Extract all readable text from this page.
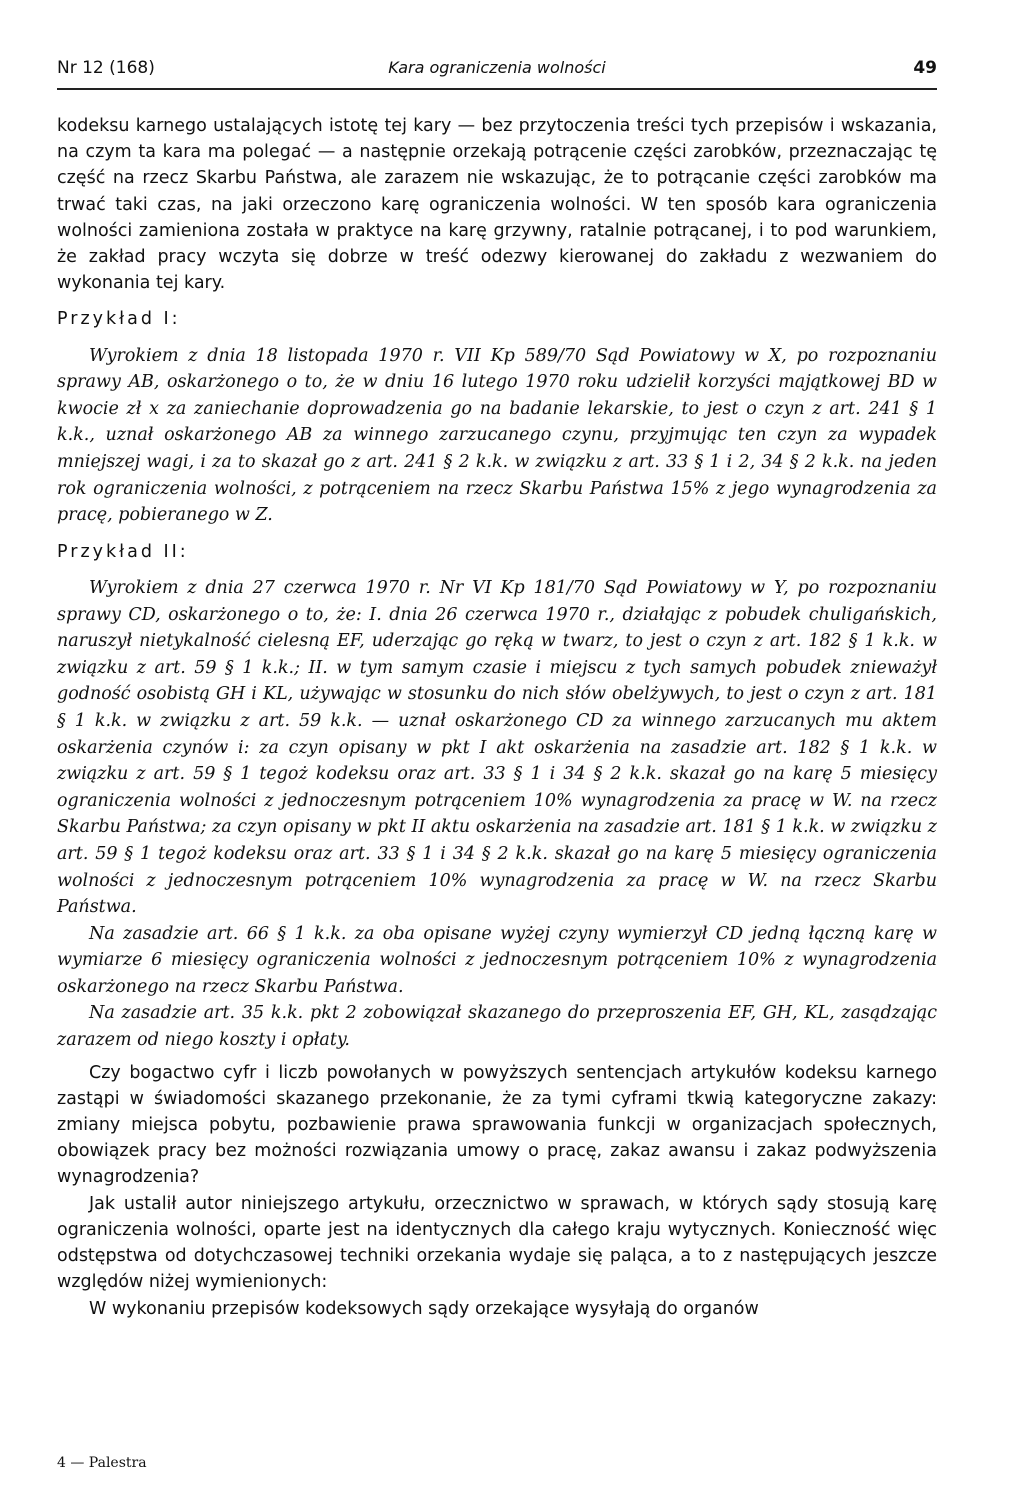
Nr 12 (168)	Kara ograniczenia wolności	49

kodeksu karnego ustalających istotę tej kary — bez przytoczenia treści tych przepisów i wskazania, na czym ta kara ma polegać — a następnie orzekają potrącenie części zarobków, przeznaczając tę część na rzecz Skarbu Państwa, ale zarazem nie wskazując, że to potrącanie części zarobków ma trwać taki czas, na jaki orzeczono karę ograniczenia wolności. W ten sposób kara ograniczenia wolności zamieniona została w praktyce na karę grzywny, ratalnie potrącanej, i to pod warunkiem, że zakład pracy wczyta się dobrze w treść odezwy kierowanej do zakładu z wezwaniem do wykonania tej kary.

Przykład I:

Wyrokiem z dnia 18 listopada 1970 r. VII Kp 589/70 Sąd Powiatowy w X, po rozpoznaniu sprawy AB, oskarżonego o to, że w dniu 16 lutego 1970 roku udzielił korzyści majątkowej BD w kwocie zł x za zaniechanie doprowadzenia go na badanie lekarskie, to jest o czyn z art. 241 § 1 k.k., uznał oskarżonego AB za winnego zarzucanego czynu, przyjmując ten czyn za wypadek mniejszej wagi, i za to skazał go z art. 241 § 2 k.k. w związku z art. 33 § 1 i 2, 34 § 2 k.k. na jeden rok ograniczenia wolności, z potrąceniem na rzecz Skarbu Państwa 15% z jego wynagrodzenia za pracę, pobieranego w Z.

Przykład II:

Wyrokiem z dnia 27 czerwca 1970 r. Nr VI Kp 181/70 Sąd Powiatowy w Y, po rozpoznaniu sprawy CD, oskarżonego o to, że: I. dnia 26 czerwca 1970 r., działając z pobudek chuligańskich, naruszył nietykalność cielesną EF, uderzając go ręką w twarz, to jest o czyn z art. 182 § 1 k.k. w związku z art. 59 § 1 k.k.; II. w tym samym czasie i miejscu z tych samych pobudek znieważył godność osobistą GH i KL, używając w stosunku do nich słów obelżywych, to jest o czyn z art. 181 § 1 k.k. w związku z art. 59 k.k. — uznał oskarżonego CD za winnego zarzucanych mu aktem oskarżenia czynów i: za czyn opisany w pkt I akt oskarżenia na zasadzie art. 182 § 1 k.k. w związku z art. 59 § 1 tegoż kodeksu oraz art. 33 § 1 i 34 § 2 k.k. skazał go na karę 5 miesięcy ograniczenia wolności z jednoczesnym potrąceniem 10% wynagrodzenia za pracę w W. na rzecz Skarbu Państwa; za czyn opisany w pkt II aktu oskarżenia na zasadzie art. 181 § 1 k.k. w związku z art. 59 § 1 tegoż kodeksu oraz art. 33 § 1 i 34 § 2 k.k. skazał go na karę 5 miesięcy ograniczenia wolności z jednoczesnym potrąceniem 10% wynagrodzenia za pracę w W. na rzecz Skarbu Państwa.

Na zasadzie art. 66 § 1 k.k. za oba opisane wyżej czyny wymierzył CD jedną łączną karę w wymiarze 6 miesięcy ograniczenia wolności z jednoczesnym potrąceniem 10% z wynagrodzenia oskarżonego na rzecz Skarbu Państwa.

Na zasadzie art. 35 k.k. pkt 2 zobowiązał skazanego do przeproszenia EF, GH, KL, zasądzając zarazem od niego koszty i opłaty.

Czy bogactwo cyfr i liczb powołanych w powyższych sentencjach artykułów kodeksu karnego zastąpi w świadomości skazanego przekonanie, że za tymi cyframi tkwią kategoryczne zakazy: zmiany miejsca pobytu, pozbawienie prawa sprawowania funkcji w organizacjach społecznych, obowiązek pracy bez możności rozwiązania umowy o pracę, zakaz awansu i zakaz podwyższenia wynagrodzenia?

Jak ustalił autor niniejszego artykułu, orzecznictwo w sprawach, w których sądy stosują karę ograniczenia wolności, oparte jest na identycznych dla całego kraju wytycznych. Konieczność więc odstępstwa od dotychczasowej techniki orzekania wydaje się paląca, a to z następujących jeszcze względów niżej wymienionych:

W wykonaniu przepisów kodeksowych sądy orzekające wysyłają do organów

4 — Palestra
